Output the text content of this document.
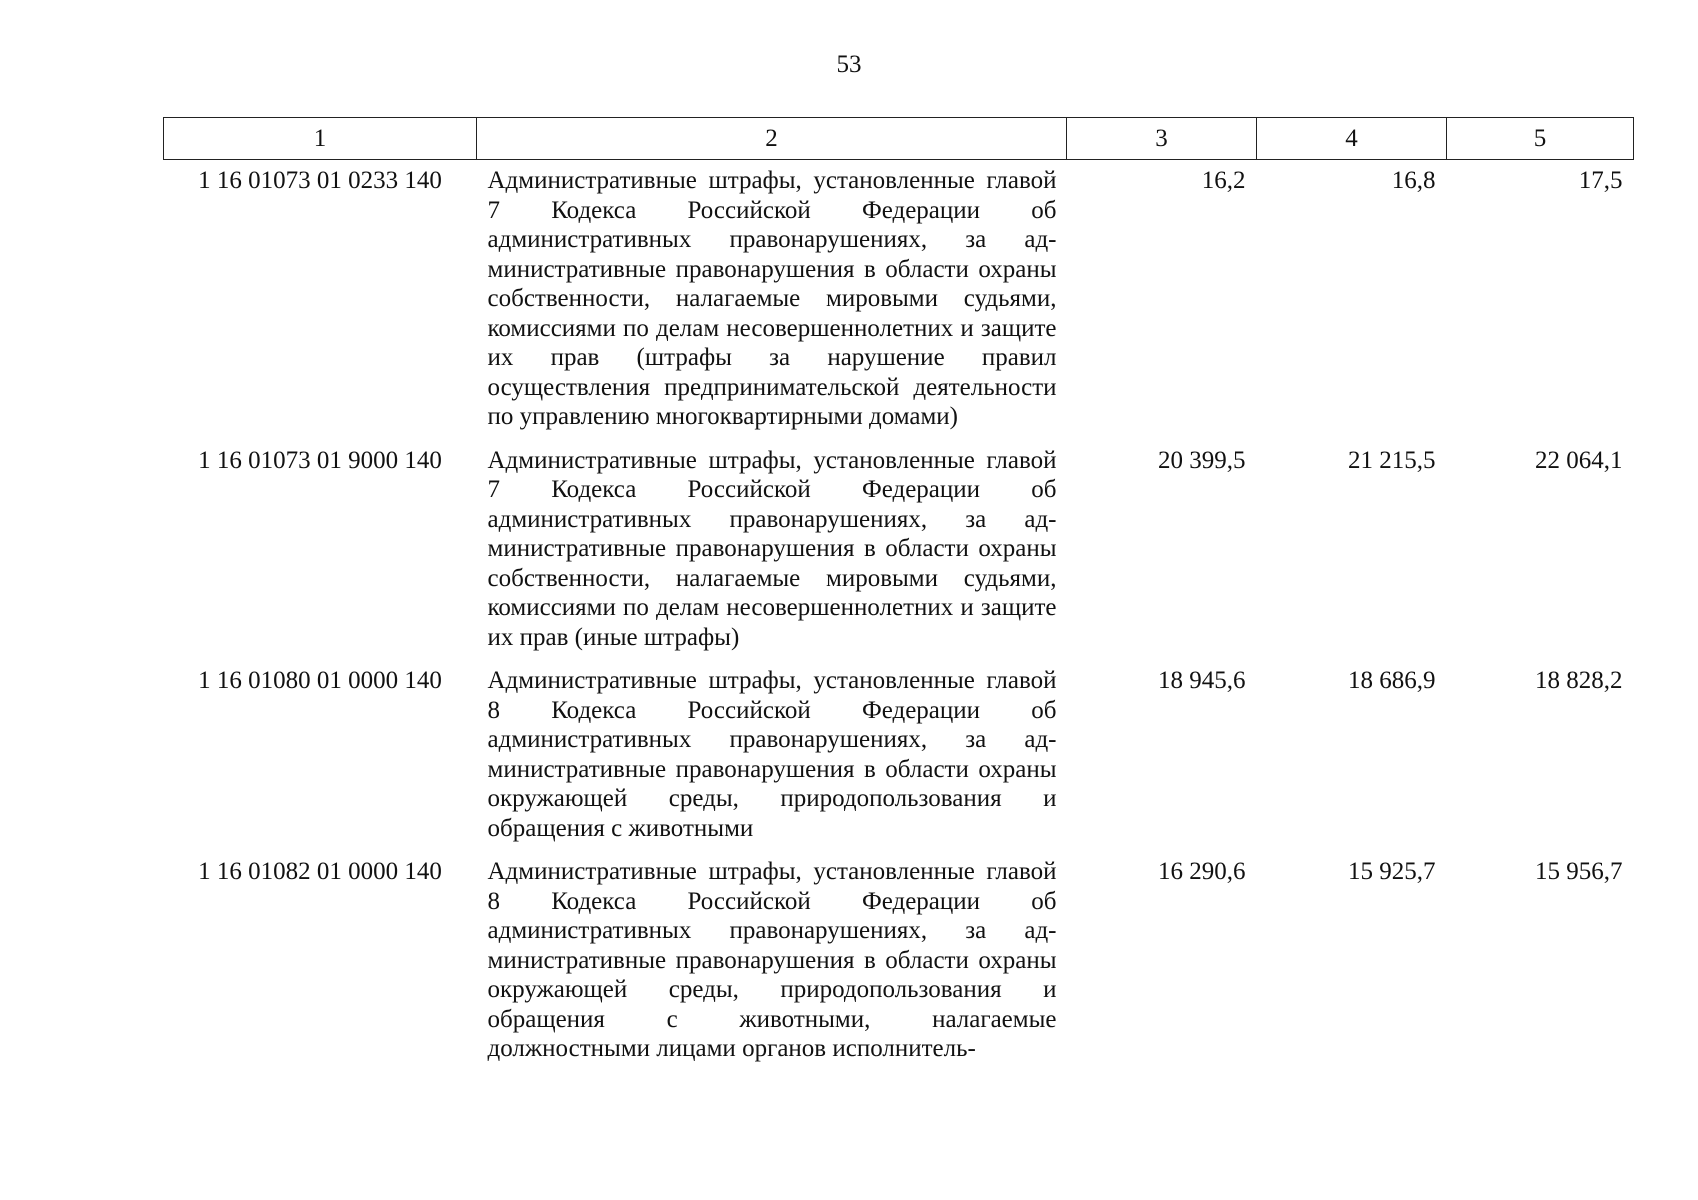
53
1	2	3	4	5
1 16 01073 01 0233 140	Административные штрафы, установленные главой 7 Кодекса Российской Федерации об административных правонарушениях, за административные правонарушения в области охраны собственности, налагаемые мировыми судьями, комиссиями по делам несовершеннолетних и защите их прав (штрафы за нарушение правил осуществления предпринимательской деятельности по управлению многоквартирными домами)	16,2	16,8	17,5
1 16 01073 01 9000 140	Административные штрафы, установленные главой 7 Кодекса Российской Федерации об административных правонарушениях, за административные правонарушения в области охраны собственности, налагаемые мировыми судьями, комиссиями по делам несовершеннолетних и защите их прав (иные штрафы)	20 399,5	21 215,5	22 064,1
1 16 01080 01 0000 140	Административные штрафы, установленные главой 8 Кодекса Российской Федерации об административных правонарушениях, за административные правонарушения в области охраны окружающей среды, природопользования и обращения с животными	18 945,6	18 686,9	18 828,2
1 16 01082 01 0000 140	Административные штрафы, установленные главой 8 Кодекса Российской Федерации об административных правонарушениях, за административные правонарушения в области охраны окружающей среды, природопользования и обращения с животными, налагаемые должностными лицами органов исполнитель-	16 290,6	15 925,7	15 956,7
